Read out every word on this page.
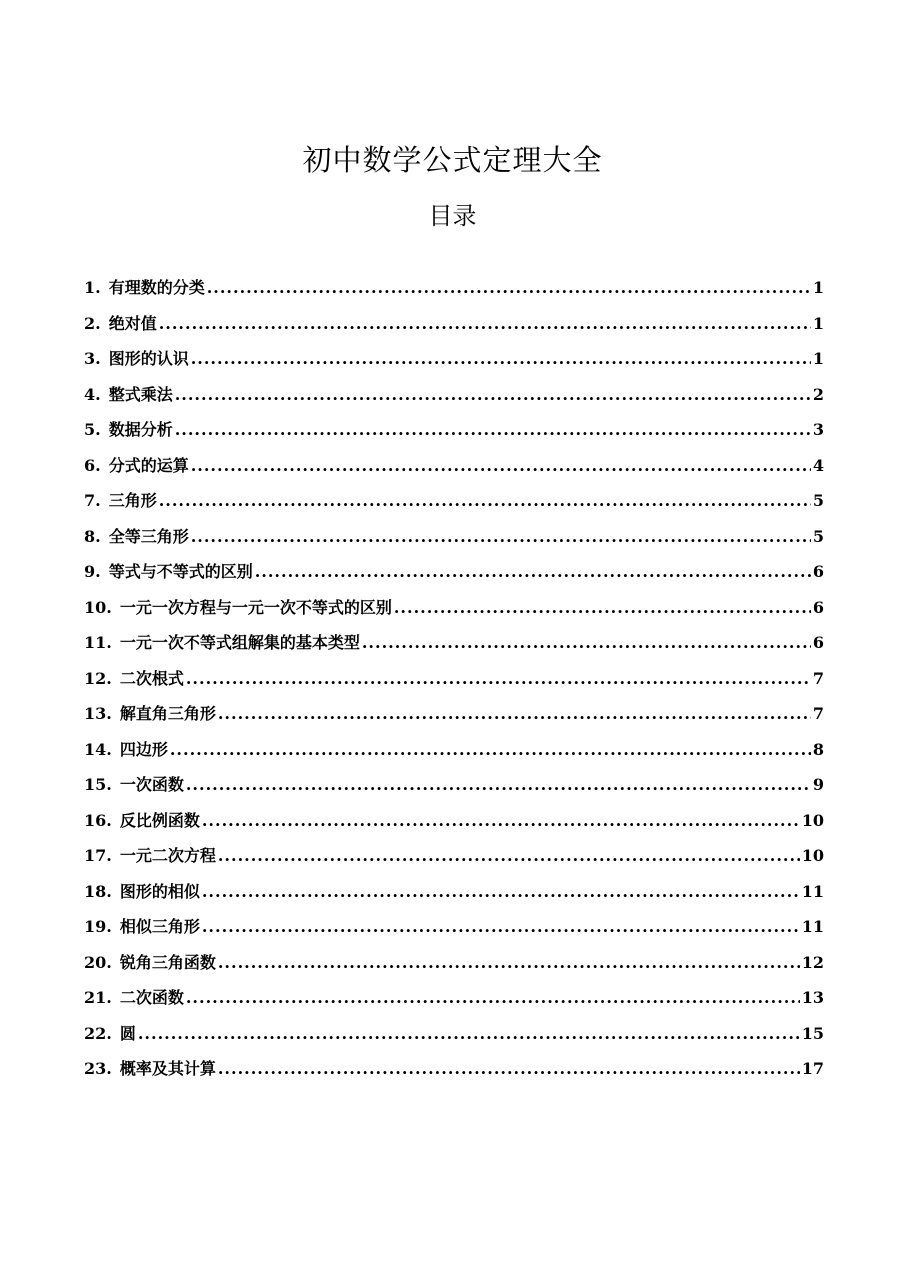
初中数学公式定理大全
目录
1. 有理数的分类 .....	1
2. 绝对值 .....	1
3. 图形的认识 .....	1
4. 整式乘法 .....	2
5. 数据分析 .....	3
6. 分式的运算 .....	4
7. 三角形 .....	5
8. 全等三角形 .....	5
9. 等式与不等式的区别 .....	6
10. 一元一次方程与一元一次不等式的区别 .....	6
11. 一元一次不等式组解集的基本类型 .....	6
12. 二次根式 .....	7
13. 解直角三角形 .....	7
14. 四边形 .....	8
15. 一次函数 .....	9
16. 反比例函数 .....	10
17. 一元二次方程 .....	10
18. 图形的相似 .....	11
19. 相似三角形 .....	11
20. 锐角三角函数 .....	12
21. 二次函数 .....	13
22. 圆 .....	15
23. 概率及其计算 .....	17
